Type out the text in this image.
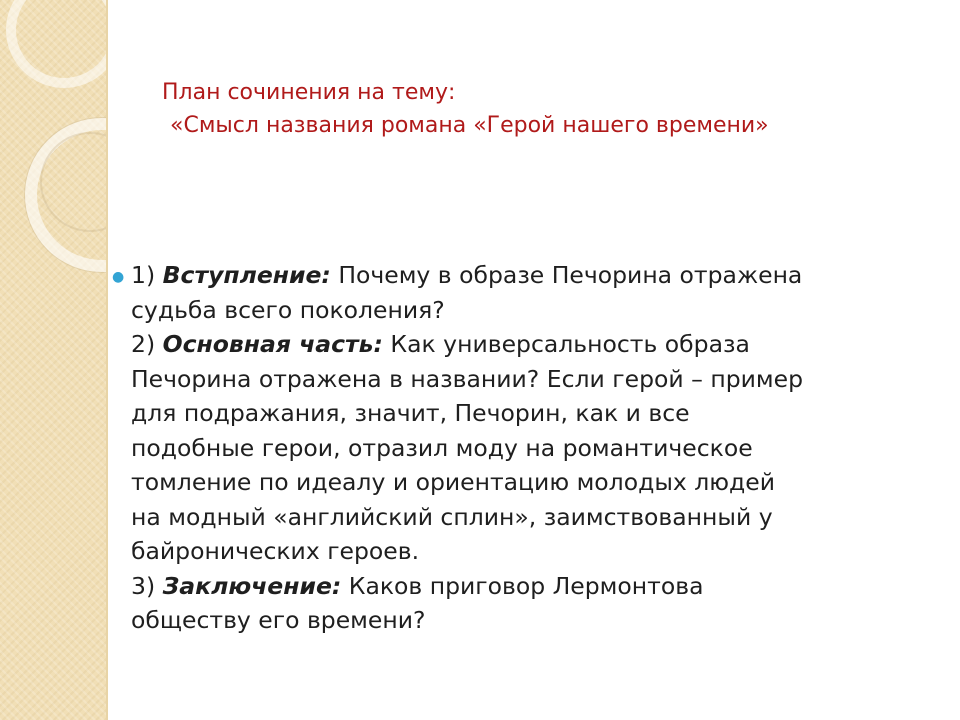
План сочинения на тему:
«Смысл названия романа «Герой нашего времени»
● 1) Вступление: Почему в образе Печорина отражена
судьба всего поколения?
2) Основная часть: Как универсальность образа
Печорина отражена в названии? Если герой – пример
для подражания, значит, Печорин, как и все
подобные герои, отразил моду на романтическое
томление по идеалу и ориентацию молодых людей
на модный «английский сплин», заимствованный у
байронических героев.
3) Заключение: Каков приговор Лермонтова
обществу его времени?
